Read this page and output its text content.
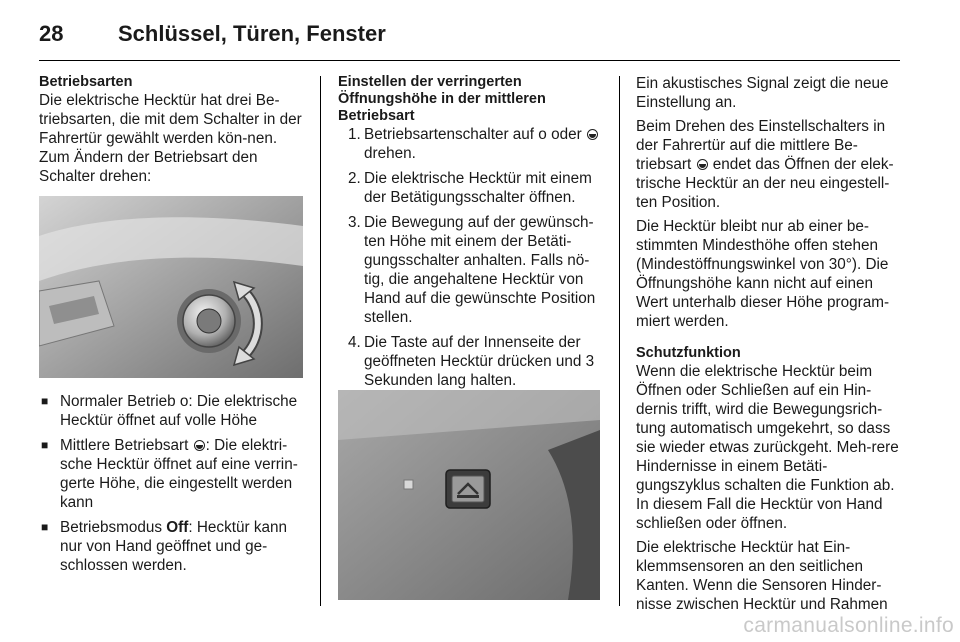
28	Schlüssel, Türen, Fenster
Betriebsarten

Die elektrische Hecktür hat drei Be-triebsarten, die mit dem Schalter in der Fahrertür gewählt werden kön-nen. Zum Ändern der Betriebsart den Schalter drehen:

■ Normaler Betrieb o: Die elektrische Hecktür öffnet auf volle Höhe
■ Mittlere Betriebsart : Die elektri-sche Hecktür öffnet auf eine verrin-gerte Höhe, die eingestellt werden kann
■ Betriebsmodus Off: Hecktür kann nur von Hand geöffnet und ge-schlossen werden.
Einstellen der verringerten Öffnungshöhe in der mittleren Betriebsart
1. Betriebsartenschalter auf o oder  drehen.
2. Die elektrische Hecktür mit einem der Betätigungsschalter öffnen.
3. Die Bewegung auf der gewünsch-ten Höhe mit einem der Betäti-gungsschalter anhalten. Falls nö-tig, die angehaltene Hecktür von Hand auf die gewünschte Position stellen.
4. Die Taste auf der Innenseite der geöffneten Hecktür drücken und 3 Sekunden lang halten.

Ein akustisches Signal zeigt die neue Einstellung an.

Beim Drehen des Einstellschalters in der Fahrertür auf die mittlere Be-triebsart  endet das Öffnen der elek-trische Hecktür an der neu eingestell-ten Position.

Die Hecktür bleibt nur ab einer be-stimmten Mindesthöhe offen stehen (Mindestöffnungswinkel von 30°). Die Öffnungshöhe kann nicht auf einen Wert unterhalb dieser Höhe program-miert werden.

Schutzfunktion

Wenn die elektrische Hecktür beim Öffnen oder Schließen auf ein Hin-dernis trifft, wird die Bewegungsrich-tung automatisch umgekehrt, so dass sie wieder etwas zurückgeht. Meh-rere Hindernisse in einem Betäti-gungszyklus schalten die Funktion ab. In diesem Fall die Hecktür von Hand schließen oder öffnen.

Die elektrische Hecktür hat Ein-klemmsensoren an den seitlichen Kanten. Wenn die Sensoren Hinder-nisse zwischen Hecktür und Rahmen

carmanualsonline.info
